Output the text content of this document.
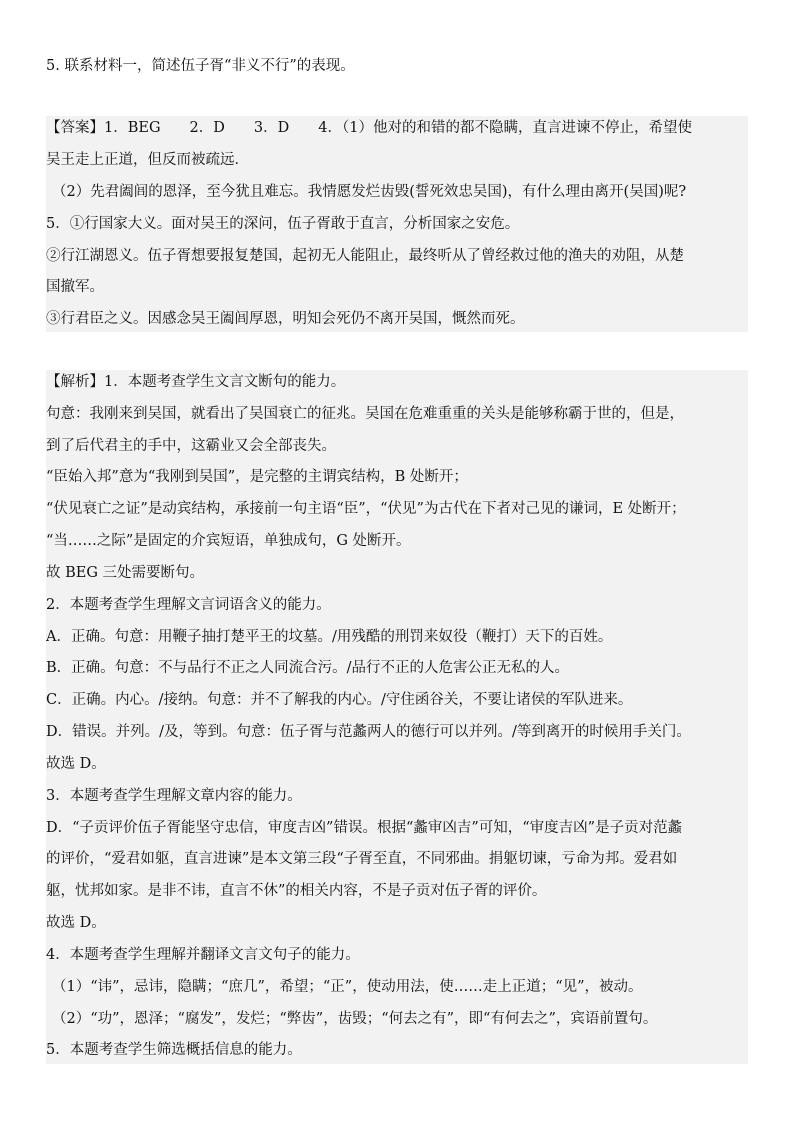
5. 联系材料一，简述伍子胥“非义不行”的表现。
【答案】1．BEG　　2．D　　3．D　　4．（1）他对的和错的都不隐瞒，直言进谏不停止，希望使
吴王走上正道，但反而被疏远．
（2）先君阖闾的恩泽，至今犹且难忘。我情愿发烂齿毁(誓死效忠吴国)，有什么理由离开(吴国)呢?
5．①行国家大义。面对吴王的深问，伍子胥敢于直言，分析国家之安危。
②行江湖恩义。伍子胥想要报复楚国，起初无人能阻止，最终听从了曾经救过他的渔夫的劝阻，从楚
国撤军。
③行君臣之义。因感念吴王阖闾厚恩，明知会死仍不离开吴国，慨然而死。
【解析】1．本题考查学生文言文断句的能力。
句意：我刚来到吴国，就看出了吴国衰亡的征兆。吴国在危难重重的关头是能够称霸于世的，但是，
到了后代君主的手中，这霸业又会全部丧失。
“臣始入邦”意为“我刚到吴国”，是完整的主谓宾结构，B 处断开；
“伏见衰亡之证”是动宾结构，承接前一句主语“臣”，“伏见”为古代在下者对己见的谦词，E 处断开；
“当……之际”是固定的介宾短语，单独成句，G 处断开。
故 BEG 三处需要断句。
2．本题考查学生理解文言词语含义的能力。
A．正确。句意：用鞭子抽打楚平王的坟墓。/用残酷的刑罚来奴役（鞭打）天下的百姓。
B．正确。句意：不与品行不正之人同流合污。/品行不正的人危害公正无私的人。
C．正确。内心。/接纳。句意：并不了解我的内心。/守住函谷关，不要让诸侯的军队进来。
D．错误。并列。/及，等到。句意：伍子胥与范蠡两人的德行可以并列。/等到离开的时候用手关门。
故选 D。
3．本题考查学生理解文章内容的能力。
D．“子贡评价伍子胥能坚守忠信，审度吉凶”错误。根据“蠡审凶吉”可知，“审度吉凶”是子贡对范蠡
的评价，“爱君如躯，直言进谏”是本文第三段“子胥至直，不同邪曲。捐躯切谏，亏命为邦。爱君如
躯，忧邦如家。是非不讳，直言不休”的相关内容，不是子贡对伍子胥的评价。
故选 D。
4．本题考查学生理解并翻译文言文句子的能力。
（1）“讳”，忌讳，隐瞒；“庶几”，希望；“正”，使动用法，使……走上正道；“见”，被动。
（2）“功”，恩泽；“腐发”，发烂；“弊齿”，齿毁；“何去之有”，即“有何去之”，宾语前置句。
5．本题考查学生筛选概括信息的能力。
